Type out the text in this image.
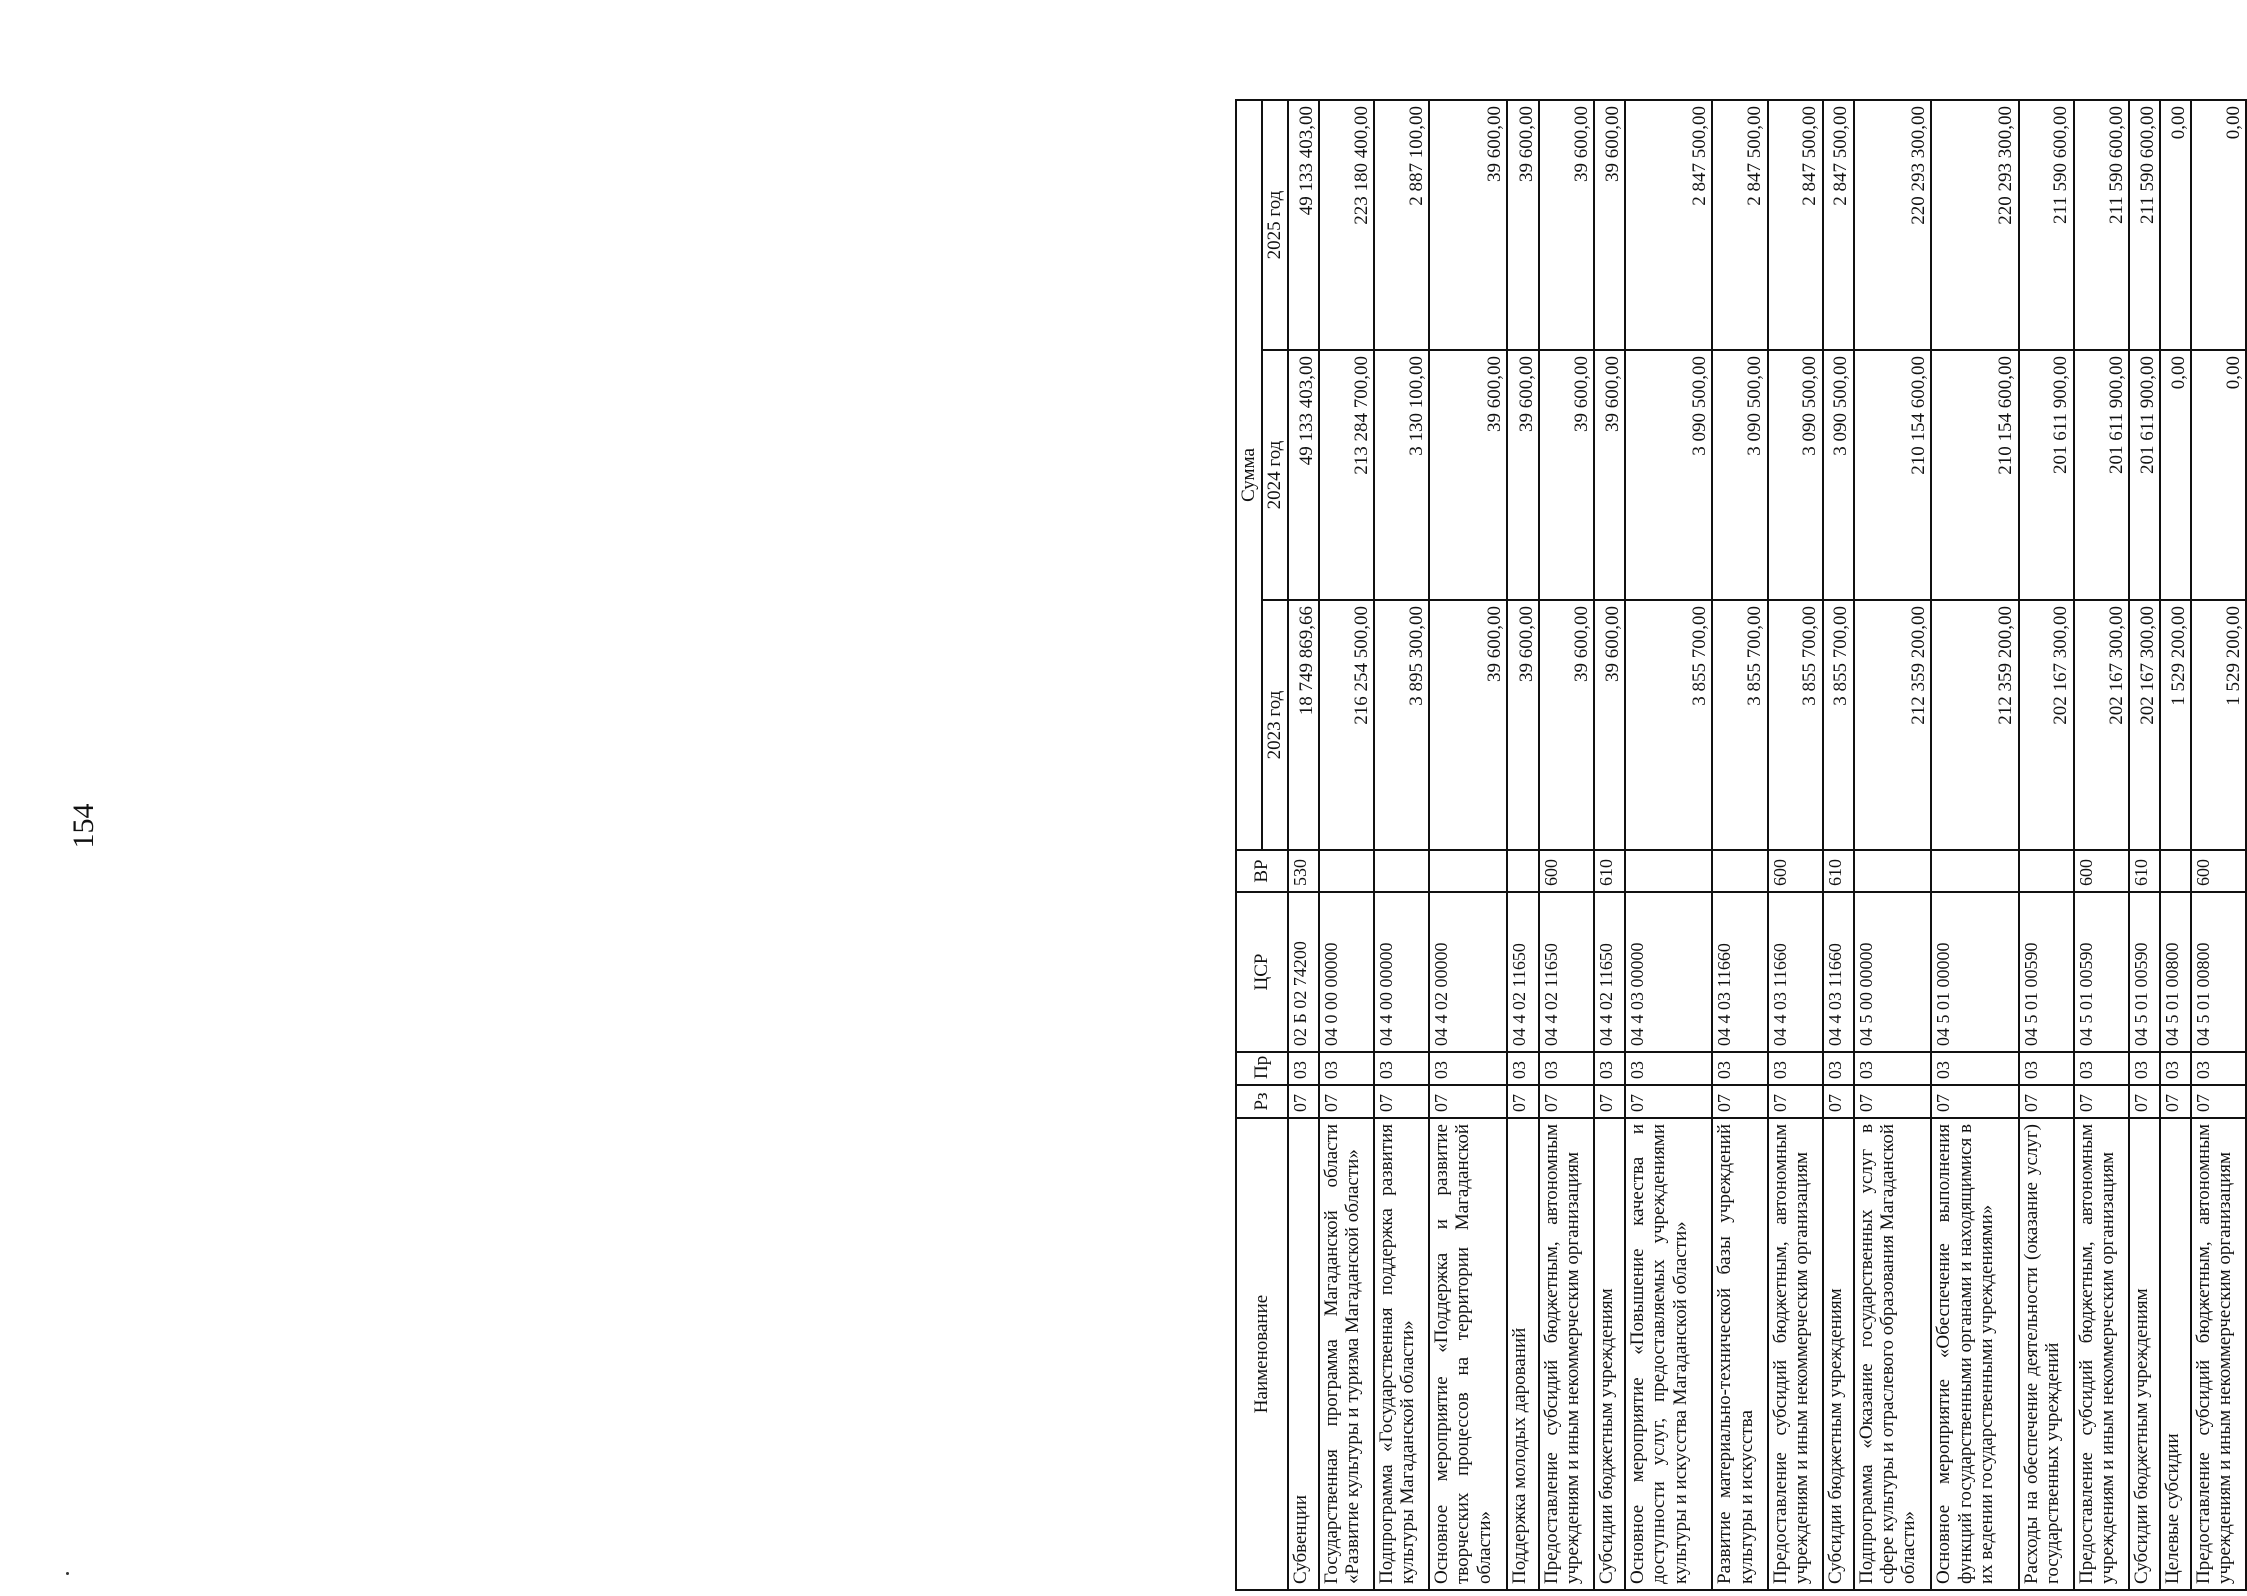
154
Наименование	Рз	Пр	ЦСР	ВР	Сумма		
					2023 год	2024 год	2025 год
Субвенции	07	03	02 Б 02 74200	530	18 749 869,66	49 133 403,00	49 133 403,00
Государственная программа Магаданской области «Развитие культуры и туризма Магаданской области»	07	03	04 0 00 00000		216 254 500,00	213 284 700,00	223 180 400,00
Подпрограмма «Государственная поддержка развития культуры Магаданской области»	07	03	04 4 00 00000		3 895 300,00	3 130 100,00	2 887 100,00
Основное мероприятие «Поддержка и развитие творческих процессов на территории Магаданской области»	07	03	04 4 02 00000		39 600,00	39 600,00	39 600,00
Поддержка молодых дарований	07	03	04 4 02 11650		39 600,00	39 600,00	39 600,00
Предоставление субсидий бюджетным, автономным учреждениям и иным некоммерческим организациям	07	03	04 4 02 11650	600	39 600,00	39 600,00	39 600,00
Субсидии бюджетным учреждениям	07	03	04 4 02 11650	610	39 600,00	39 600,00	39 600,00
Основное мероприятие «Повышение качества и доступности услуг, предоставляемых учреждениями культуры и искусства Магаданской области»	07	03	04 4 03 00000		3 855 700,00	3 090 500,00	2 847 500,00
Развитие материально-технической базы учреждений культуры и искусства	07	03	04 4 03 11660		3 855 700,00	3 090 500,00	2 847 500,00
Предоставление субсидий бюджетным, автономным учреждениям и иным некоммерческим организациям	07	03	04 4 03 11660	600	3 855 700,00	3 090 500,00	2 847 500,00
Субсидии бюджетным учреждениям	07	03	04 4 03 11660	610	3 855 700,00	3 090 500,00	2 847 500,00
Подпрограмма «Оказание государственных услуг в сфере культуры и отраслевого образования Магаданской области»	07	03	04 5 00 00000		212 359 200,00	210 154 600,00	220 293 300,00
Основное мероприятие «Обеспечение выполнения функций государственными органами и находящимися в их ведении государственными учреждениями»	07	03	04 5 01 00000		212 359 200,00	210 154 600,00	220 293 300,00
Расходы на обеспечение деятельности (оказание услуг) государственных учреждений	07	03	04 5 01 00590		202 167 300,00	201 611 900,00	211 590 600,00
Предоставление субсидий бюджетным, автономным учреждениям и иным некоммерческим организациям	07	03	04 5 01 00590	600	202 167 300,00	201 611 900,00	211 590 600,00
Субсидии бюджетным учреждениям	07	03	04 5 01 00590	610	202 167 300,00	201 611 900,00	211 590 600,00
Целевые субсидии	07	03	04 5 01 00800		1 529 200,00	0,00	0,00
Предоставление субсидий бюджетным, автономным учреждениям и иным некоммерческим организациям	07	03	04 5 01 00800	600	1 529 200,00	0,00	0,00
